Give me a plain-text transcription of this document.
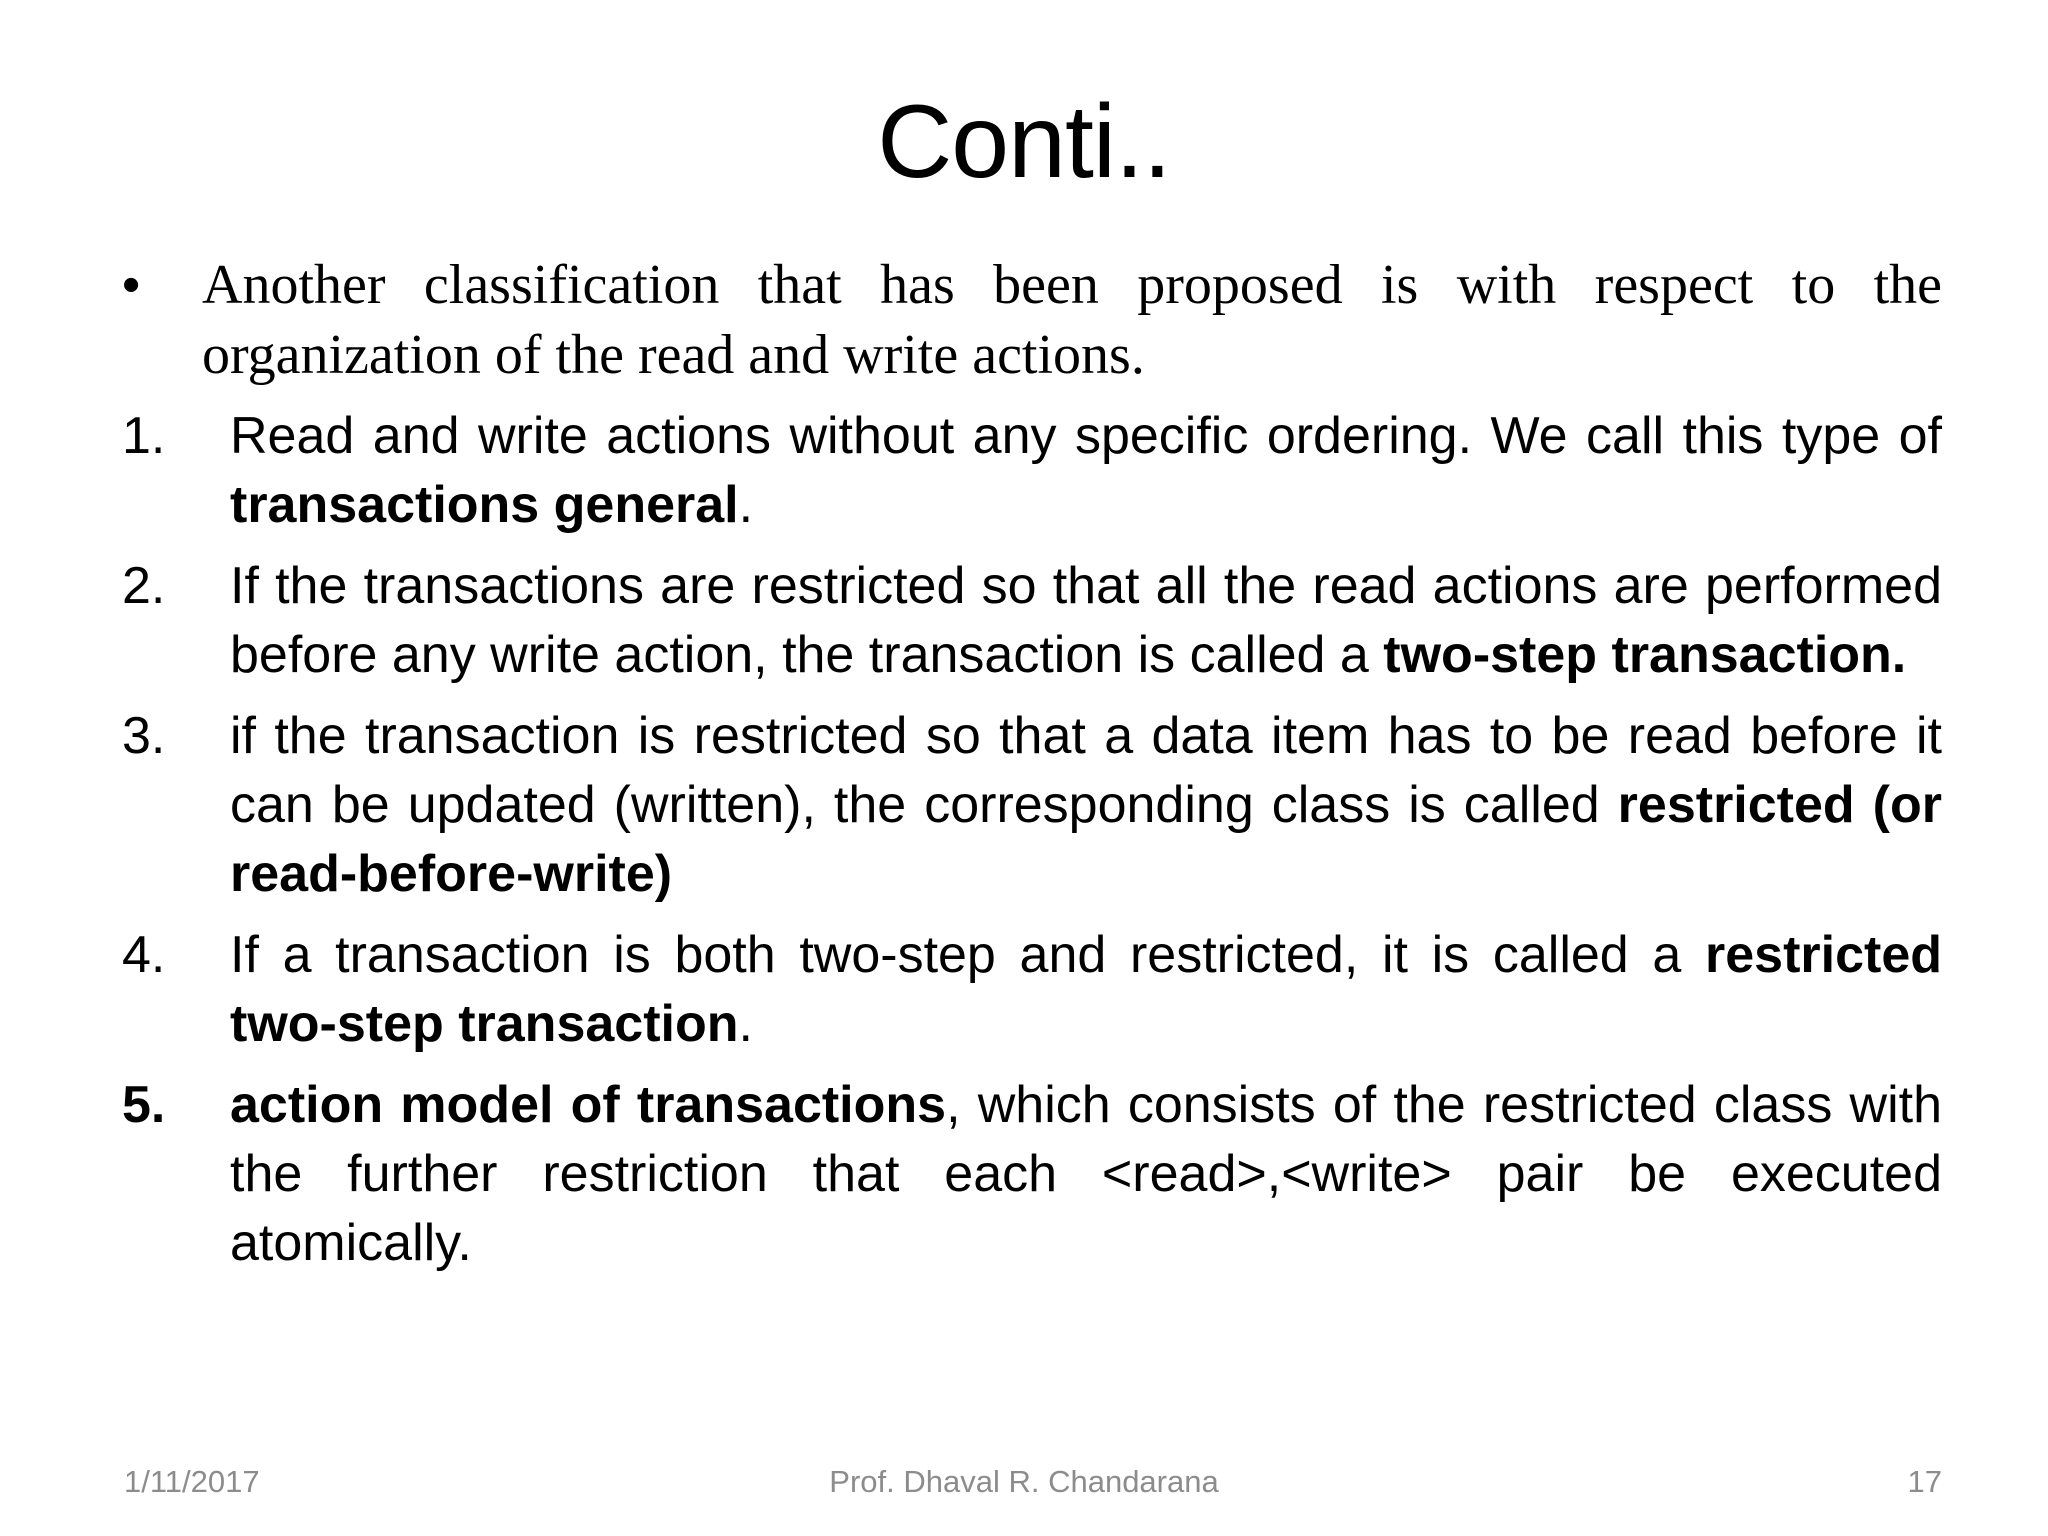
Conti..
•	Another classification that has been proposed is with respect to the organization of the read and write actions.
1.	Read and write actions without any specific ordering. We call this type of transactions general.
2.	If the transactions are restricted so that all the read actions are performed before any write action, the transaction is called a two-step transaction.
3.	if the transaction is restricted so that a data item has to be read before it can be updated (written), the corresponding class is called restricted (or read-before-write)
4.	If a transaction is both two-step and restricted, it is called a restricted two-step transaction.
5.	action model of transactions, which consists of the restricted class with the further restriction that each <read>,<write> pair be executed atomically.
1/11/2017	Prof. Dhaval R. Chandarana	17
